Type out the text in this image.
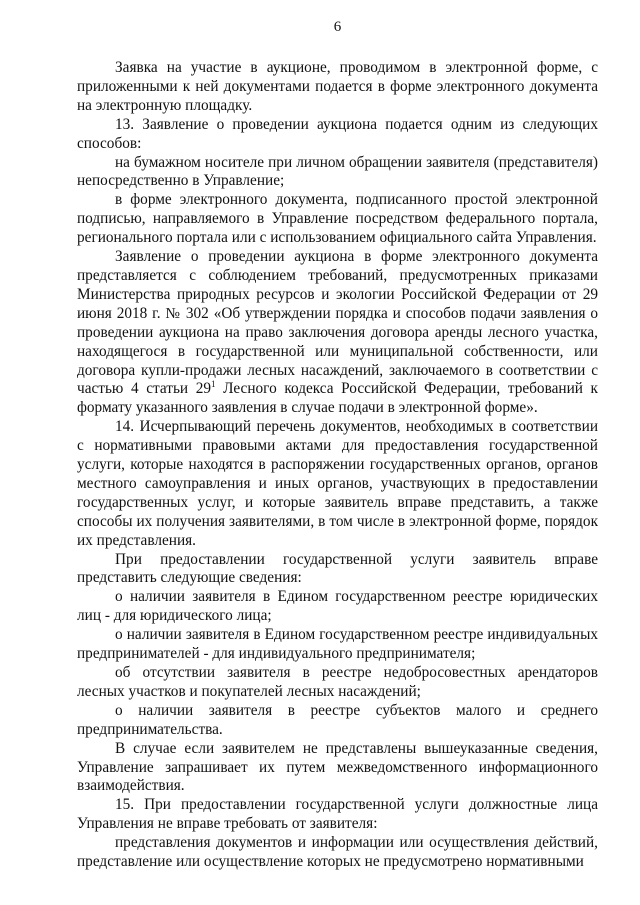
6

Заявка на участие в аукционе, проводимом в электронной форме, с приложенными к ней документами подается в форме электронного документа на электронную площадку.

13. Заявление о проведении аукциона подается одним из следующих способов:

на бумажном носителе при личном обращении заявителя (представителя) непосредственно в Управление;

в форме электронного документа, подписанного простой электронной подписью, направляемого в Управление посредством федерального портала, регионального портала или с использованием официального сайта Управления.

Заявление о проведении аукциона в форме электронного документа представляется с соблюдением требований, предусмотренных приказами Министерства природных ресурсов и экологии Российской Федерации от 29 июня 2018 г. № 302 «Об утверждении порядка и способов подачи заявления о проведении аукциона на право заключения договора аренды лесного участка, находящегося в государственной или муниципальной собственности, или договора купли-продажи лесных насаждений, заключаемого в соответствии с частью 4 статьи $29^1$ Лесного кодекса Российской Федерации, требований к формату указанного заявления в случае подачи в электронной форме».

14. Исчерпывающий перечень документов, необходимых в соответствии с нормативными правовыми актами для предоставления государственной услуги, которые находятся в распоряжении государственных органов, органов местного самоуправления и иных органов, участвующих в предоставлении государственных услуг, и которые заявитель вправе представить, а также способы их получения заявителями, в том числе в электронной форме, порядок их представления.

При предоставлении государственной услуги заявитель вправе представить следующие сведения:

о наличии заявителя в Едином государственном реестре юридических лиц - для юридического лица;

о наличии заявителя в Едином государственном реестре индивидуальных предпринимателей - для индивидуального предпринимателя;

об отсутствии заявителя в реестре недобросовестных арендаторов лесных участков и покупателей лесных насаждений;

о наличии заявителя в реестре субъектов малого и среднего предпринимательства.

В случае если заявителем не представлены вышеуказанные сведения, Управление запрашивает их путем межведомственного информационного взаимодействия.

15. При предоставлении государственной услуги должностные лица Управления не вправе требовать от заявителя:

представления документов и информации или осуществления действий, представление или осуществление которых не предусмотрено нормативными
